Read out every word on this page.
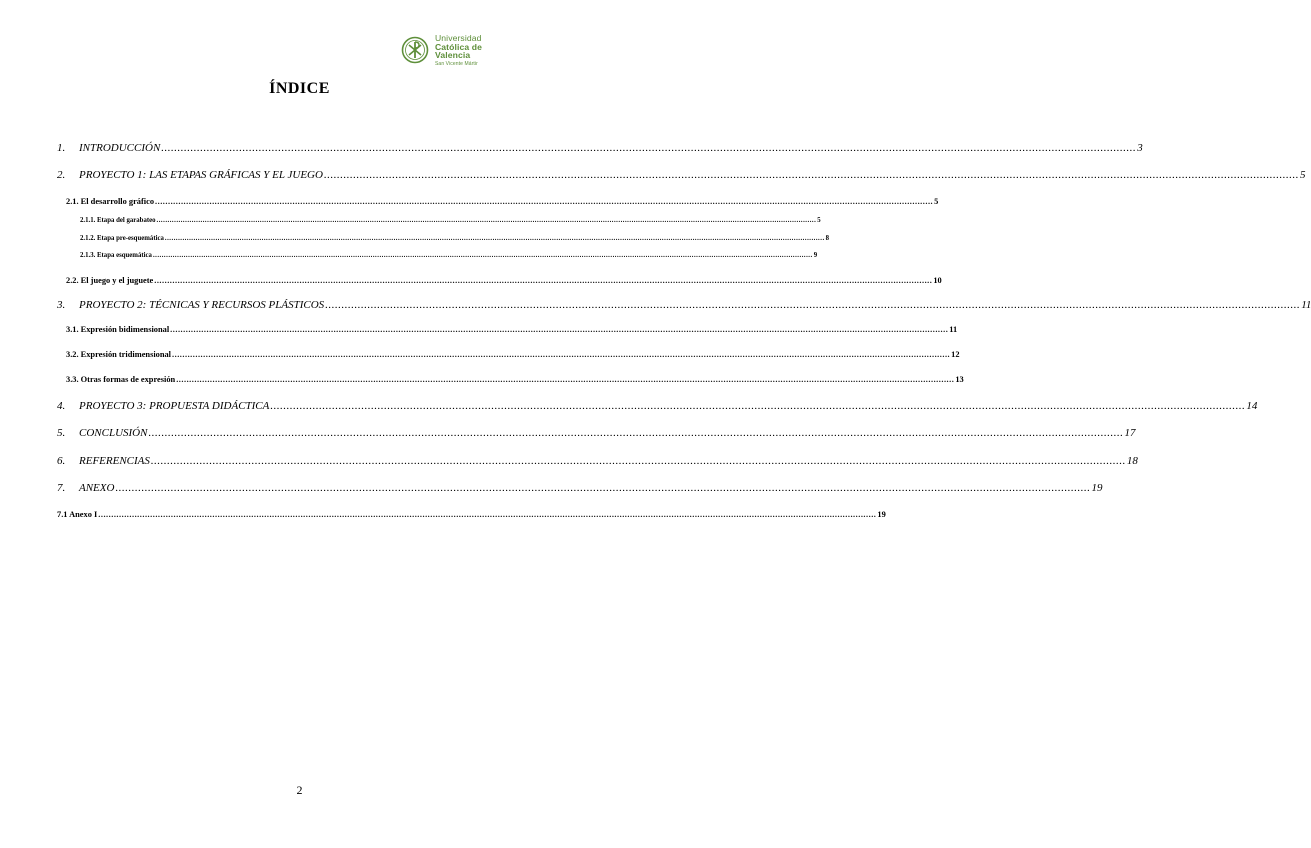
Universidad
Católica de
Valencia
San Vicente Mártir
ÍNDICE
1. INTRODUCCIÓN ............................................................................................................................................................................................................................................................................................................ 3
2. PROYECTO 1: LAS ETAPAS GRÁFICAS Y EL JUEGO ............................................................................................................................................................................................................................................................................................................ 5
2.1. El desarrollo gráfico ............................................................................................................................................................................................................................................................................................................ 5
2.1.1. Etapa del garabateo ............................................................................................................................................................................................................................................................................................................ 5
2.1.2. Etapa pre-esquemática ............................................................................................................................................................................................................................................................................................................ 8
2.1.3. Etapa esquemática ............................................................................................................................................................................................................................................................................................................ 9
2.2. El juego y el juguete ............................................................................................................................................................................................................................................................................................................ 10
3. PROYECTO 2: TÉCNICAS Y RECURSOS PLÁSTICOS ............................................................................................................................................................................................................................................................................................................ 11
3.1. Expresión bidimensional ............................................................................................................................................................................................................................................................................................................ 11
3.2. Expresión tridimensional ............................................................................................................................................................................................................................................................................................................ 12
3.3. Otras formas de expresión ............................................................................................................................................................................................................................................................................................................ 13
4. PROYECTO 3: PROPUESTA DIDÁCTICA ............................................................................................................................................................................................................................................................................................................ 14
5. CONCLUSIÓN ............................................................................................................................................................................................................................................................................................................ 17
6. REFERENCIAS ............................................................................................................................................................................................................................................................................................................ 18
7. ANEXO ............................................................................................................................................................................................................................................................................................................ 19
7.1 Anexo I ............................................................................................................................................................................................................................................................................................................ 19
2
